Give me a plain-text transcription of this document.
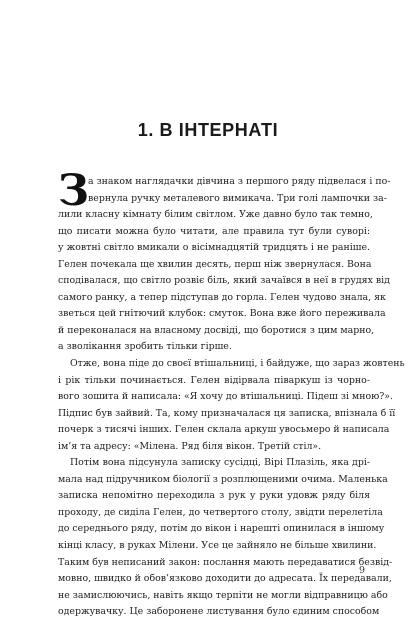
1. В ІНТЕРНАТІ
З
а знаком наглядачки дівчина з першого ряду підвелася і по-
вернула ручку металевого вимикача. Три голі лампочки за-
лили класну кімнату білим світлом. Уже давно було так темно,
що писати можна було читати, але правила тут були суворі:
у жовтні світло вмикали о вісімнадцятій тридцять і не раніше.
Гелен почекала ще хвилин десять, перш ніж звернулася. Вона
сподівалася, що світло розвіє біль, який зачаївся в неї в грудях від
самого ранку, а тепер підступав до горла. Гелен чудово знала, як
зветься цей гнітючий клубок: смуток. Вона вже його переживала
й переконалася на власному досвіді, що боротися з цим марно,
а зволікання зробить тільки гірше.
Отже, вона піде до своєї втішальниці, і байдуже, що зараз жовтень
і рік тільки починається. Гелен відірвала піваркуш із чорно-
вого зошита й написала: «Я хочу до втішальниці. Підеш зі мною?».
Підпис був зайвий. Та, кому призначалася ця записка, впізнала б її
почерк з тисячі інших. Гелен склала аркуш увосьмеро й написала
ім’я та адресу: «Мілена. Ряд біля вікон. Третій стіл».
Потім вона підсунула записку сусідці, Вірі Плазіль, яка дрі-
мала над підручником біології з розплющеними очима. Маленька
записка непомітно переходила з рук у руки удовж ряду біля
проходу, де сиділа Гелен, до четвертого столу, звідти перелетіла
до середнього ряду, потім до вікон і нарешті опинилася в іншому
кінці класу, в руках Мілени. Усе це зайняло не більше хвилини.
Таким був неписаний закон: послання мають передаватися безвід-
мовно, швидко й обов’язково доходити до адресата. Їх передавали,
не замислюючись, навіть якщо терпіти не могли відправницю або
одержувачку. Це заборонене листування було єдиним способом
9
